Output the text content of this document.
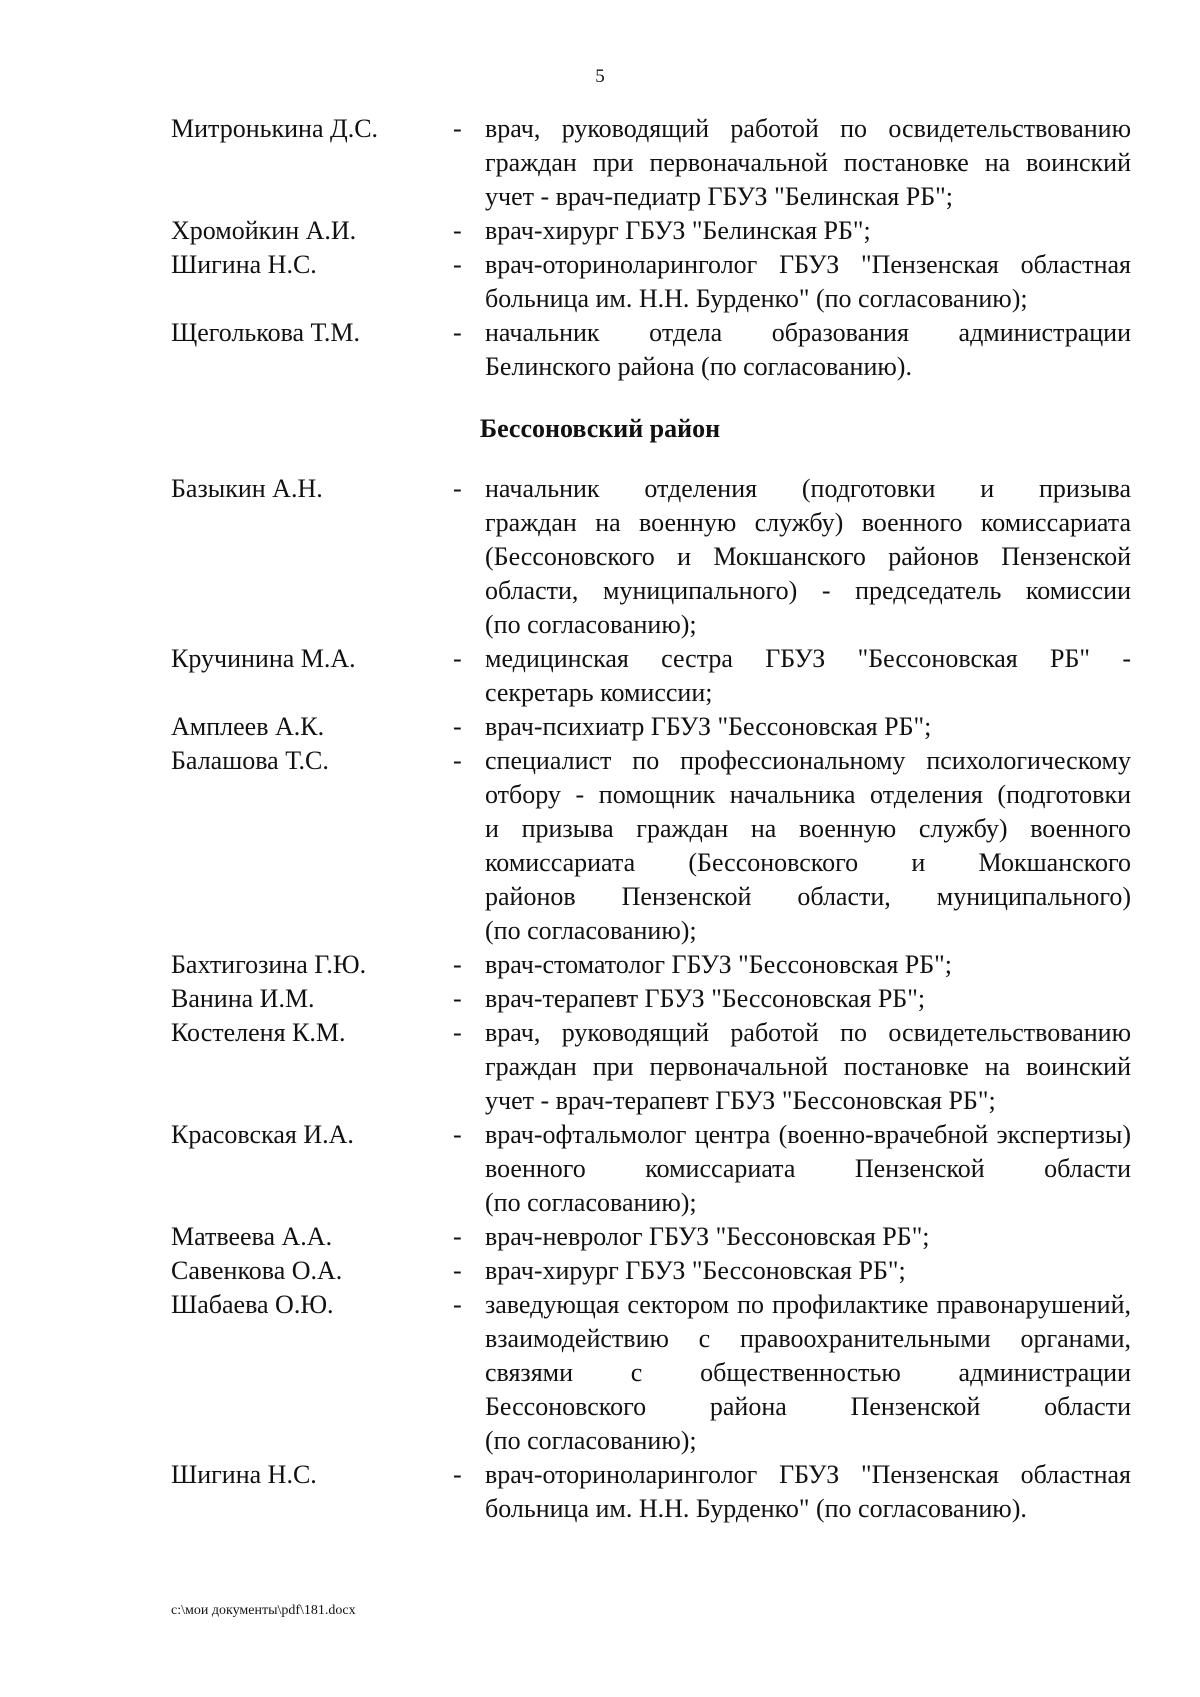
5
Митронькина Д.С.	- врач, руководящий работой по освидетельствованию
граждан при первоначальной постановке на воинский
учет - врач-педиатр ГБУЗ "Белинская РБ";
Хромойкин А.И.	- врач-хирург ГБУЗ "Белинская РБ";
Шигина Н.С.	- врач-оториноларинголог ГБУЗ "Пензенская областная
больница им. Н.Н. Бурденко" (по согласованию);
Щеголькова Т.М.	- начальник отдела образования администрации
Белинского района (по согласованию).
Бессоновский район
Базыкин А.Н.	- начальник отделения (подготовки и призыва
граждан на военную службу) военного комиссариата
(Бессоновского и Мокшанского районов Пензенской
области, муниципального) - председатель комиссии
(по согласованию);
Кручинина М.А.	- медицинская сестра ГБУЗ "Бессоновская РБ" -
секретарь комиссии;
Амплеев А.К.	- врач-психиатр ГБУЗ "Бессоновская РБ";
Балашова Т.С.	- специалист по профессиональному психологическому
отбору - помощник начальника отделения (подготовки
и призыва граждан на военную службу) военного
комиссариата (Бессоновского и Мокшанского
районов Пензенской области, муниципального)
(по согласованию);
Бахтигозина Г.Ю.	- врач-стоматолог ГБУЗ "Бессоновская РБ";
Ванина И.М.	- врач-терапевт ГБУЗ "Бессоновская РБ";
Костеленя К.М.	- врач, руководящий работой по освидетельствованию
граждан при первоначальной постановке на воинский
учет - врач-терапевт ГБУЗ "Бессоновская РБ";
Красовская И.А.	- врач-офтальмолог центра (военно-врачебной экспертизы)
военного комиссариата Пензенской области
(по согласованию);
Матвеева А.А.	- врач-невролог ГБУЗ "Бессоновская РБ";
Савенкова О.А.	- врач-хирург ГБУЗ "Бессоновская РБ";
Шабаева О.Ю.	- заведующая сектором по профилактике правонарушений,
взаимодействию с правоохранительными органами,
связями с общественностью администрации
Бессоновского района Пензенской области
(по согласованию);
Шигина Н.С.	- врач-оториноларинголог ГБУЗ "Пензенская областная
больница им. Н.Н. Бурденко" (по согласованию).
c:\мои документы\pdf\181.docx
